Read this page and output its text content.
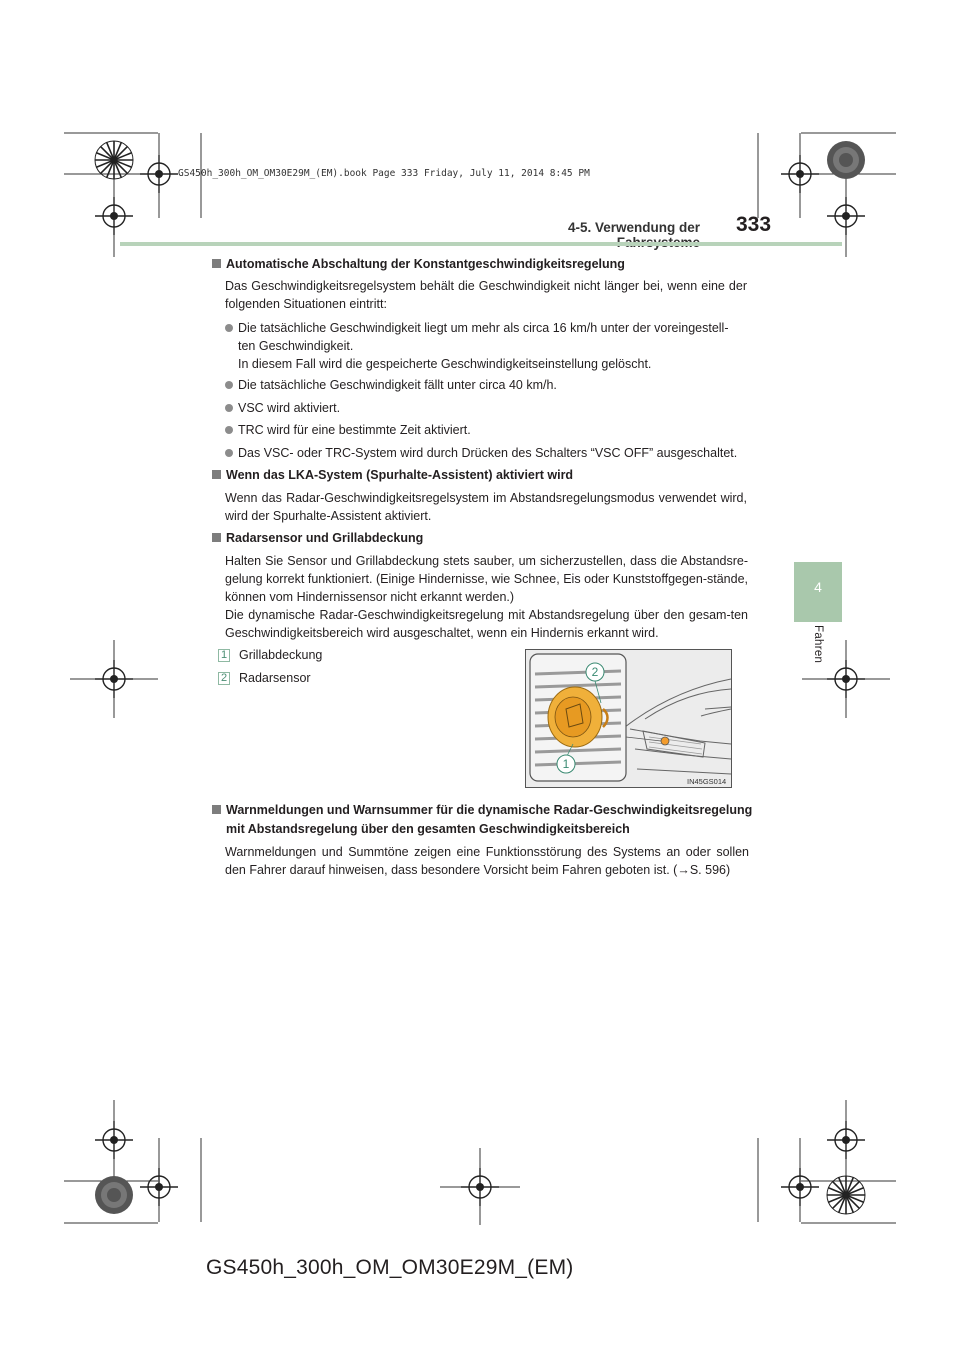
GS450h_300h_OM_OM30E29M_(EM).book Page 333 Friday, July 11, 2014 8:45 PM
4-5. Verwendung der 333
4
Fahren
Automatische Abschaltung der Konstantgeschwindigkeitsregelung
Das Geschwindigkeitsregelsystem behält die Geschwindigkeit nicht länger bei, wenn eine der folgenden Situationen eintritt:
Die tatsächliche Geschwindigkeit liegt um mehr als circa 16 km/h unter der voreingestell-
ten Geschwindigkeit.
In diesem Fall wird die gespeicherte Geschwindigkeitseinstellung gelöscht.
Die tatsächliche Geschwindigkeit fällt unter circa 40 km/h.
VSC wird aktiviert.
TRC wird für eine bestimmte Zeit aktiviert.
Das VSC- oder TRC-System wird durch Drücken des Schalters “VSC OFF” ausgeschaltet.
Wenn das LKA-System (Spurhalte-Assistent) aktiviert wird
Wenn das Radar-Geschwindigkeitsregelsystem im Abstandsregelungsmodus verwendet wird, wird der Spurhalte-Assistent aktiviert.
Radarsensor und Grillabdeckung
Halten Sie Sensor und Grillabdeckung stets sauber, um sicherzustellen, dass die Abstandsre-gelung korrekt funktioniert. (Einige Hindernisse, wie Schnee, Eis oder Kunststoffgegen-stände, können vom Hindernissensor nicht erkannt werden.)
Die dynamische Radar-Geschwindigkeitsregelung mit Abstandsregelung über den gesam-ten Geschwindigkeitsbereich wird ausgeschaltet, wenn ein Hindernis erkannt wird.
1 Grillabdeckung
2 Radarsensor	2
1
IN45GS014
Warnmeldungen und Warnsummer für die dynamische Radar-Geschwindigkeitsregelung
mit Abstandsregelung über den gesamten Geschwindigkeitsbereich
Warnmeldungen und Summtöne zeigen eine Funktionsstörung des Systems an oder sollen den Fahrer darauf hinweisen, dass besondere Vorsicht beim Fahren geboten ist. (→S. 596)
GS450h_300h_OM_OM30E29M_(EM)
